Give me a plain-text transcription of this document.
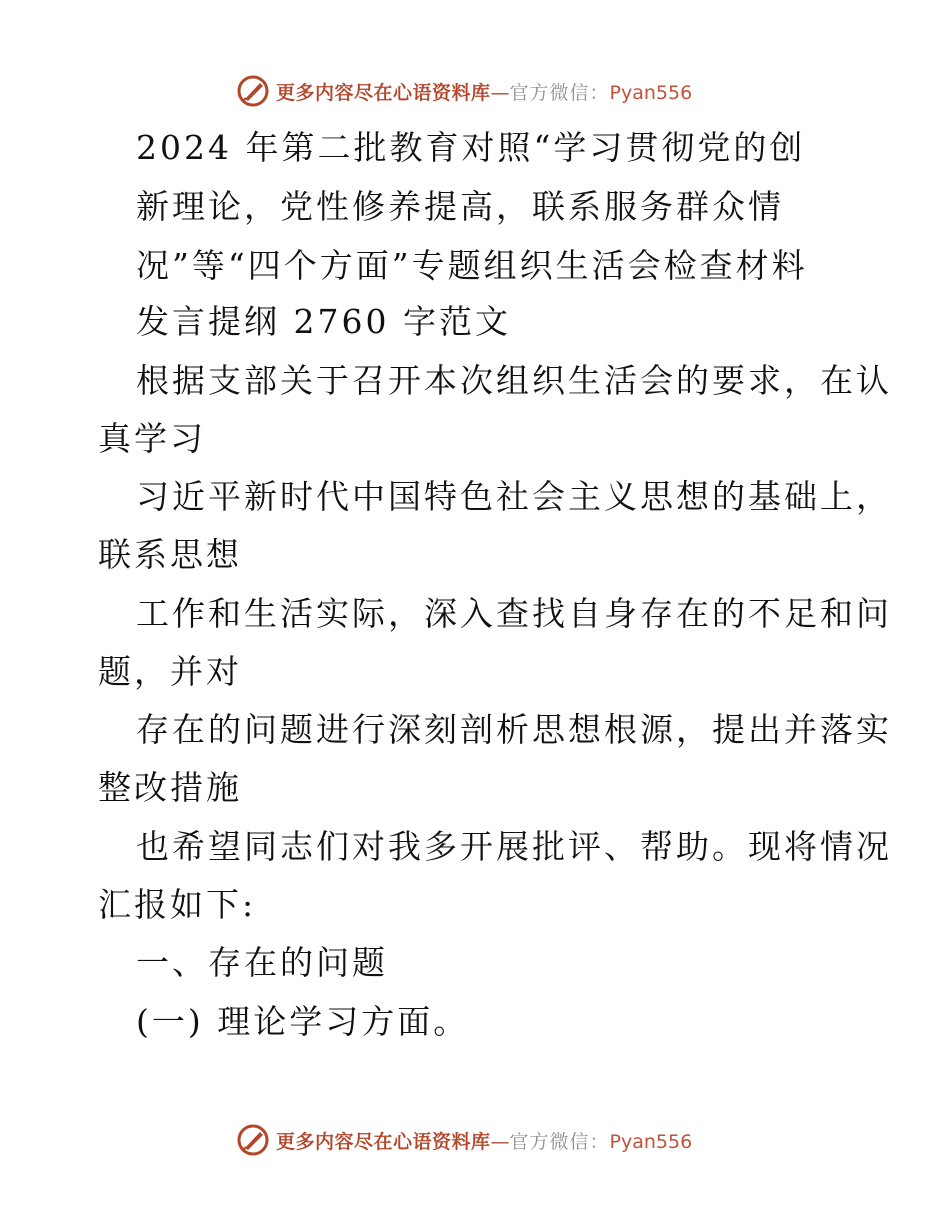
更多内容尽在心语资料库—官方微信：Pyan556

2024 年第二批教育对照“学习贯彻党的创

新理论，党性修养提高，联系服务群众情

况”等“四个方面”专题组织生活会检查材料

发言提纲 2760 字范文

根据支部关于召开本次组织生活会的要求，在认

真学习

习近平新时代中国特色社会主义思想的基础上，

联系思想

工作和生活实际，深入查找自身存在的不足和问

题，并对

存在的问题进行深刻剖析思想根源，提出并落实

整改措施

也希望同志们对我多开展批评、帮助。现将情况

汇报如下:

一、存在的问题

(一) 理论学习方面。

更多内容尽在心语资料库—官方微信：Pyan556
